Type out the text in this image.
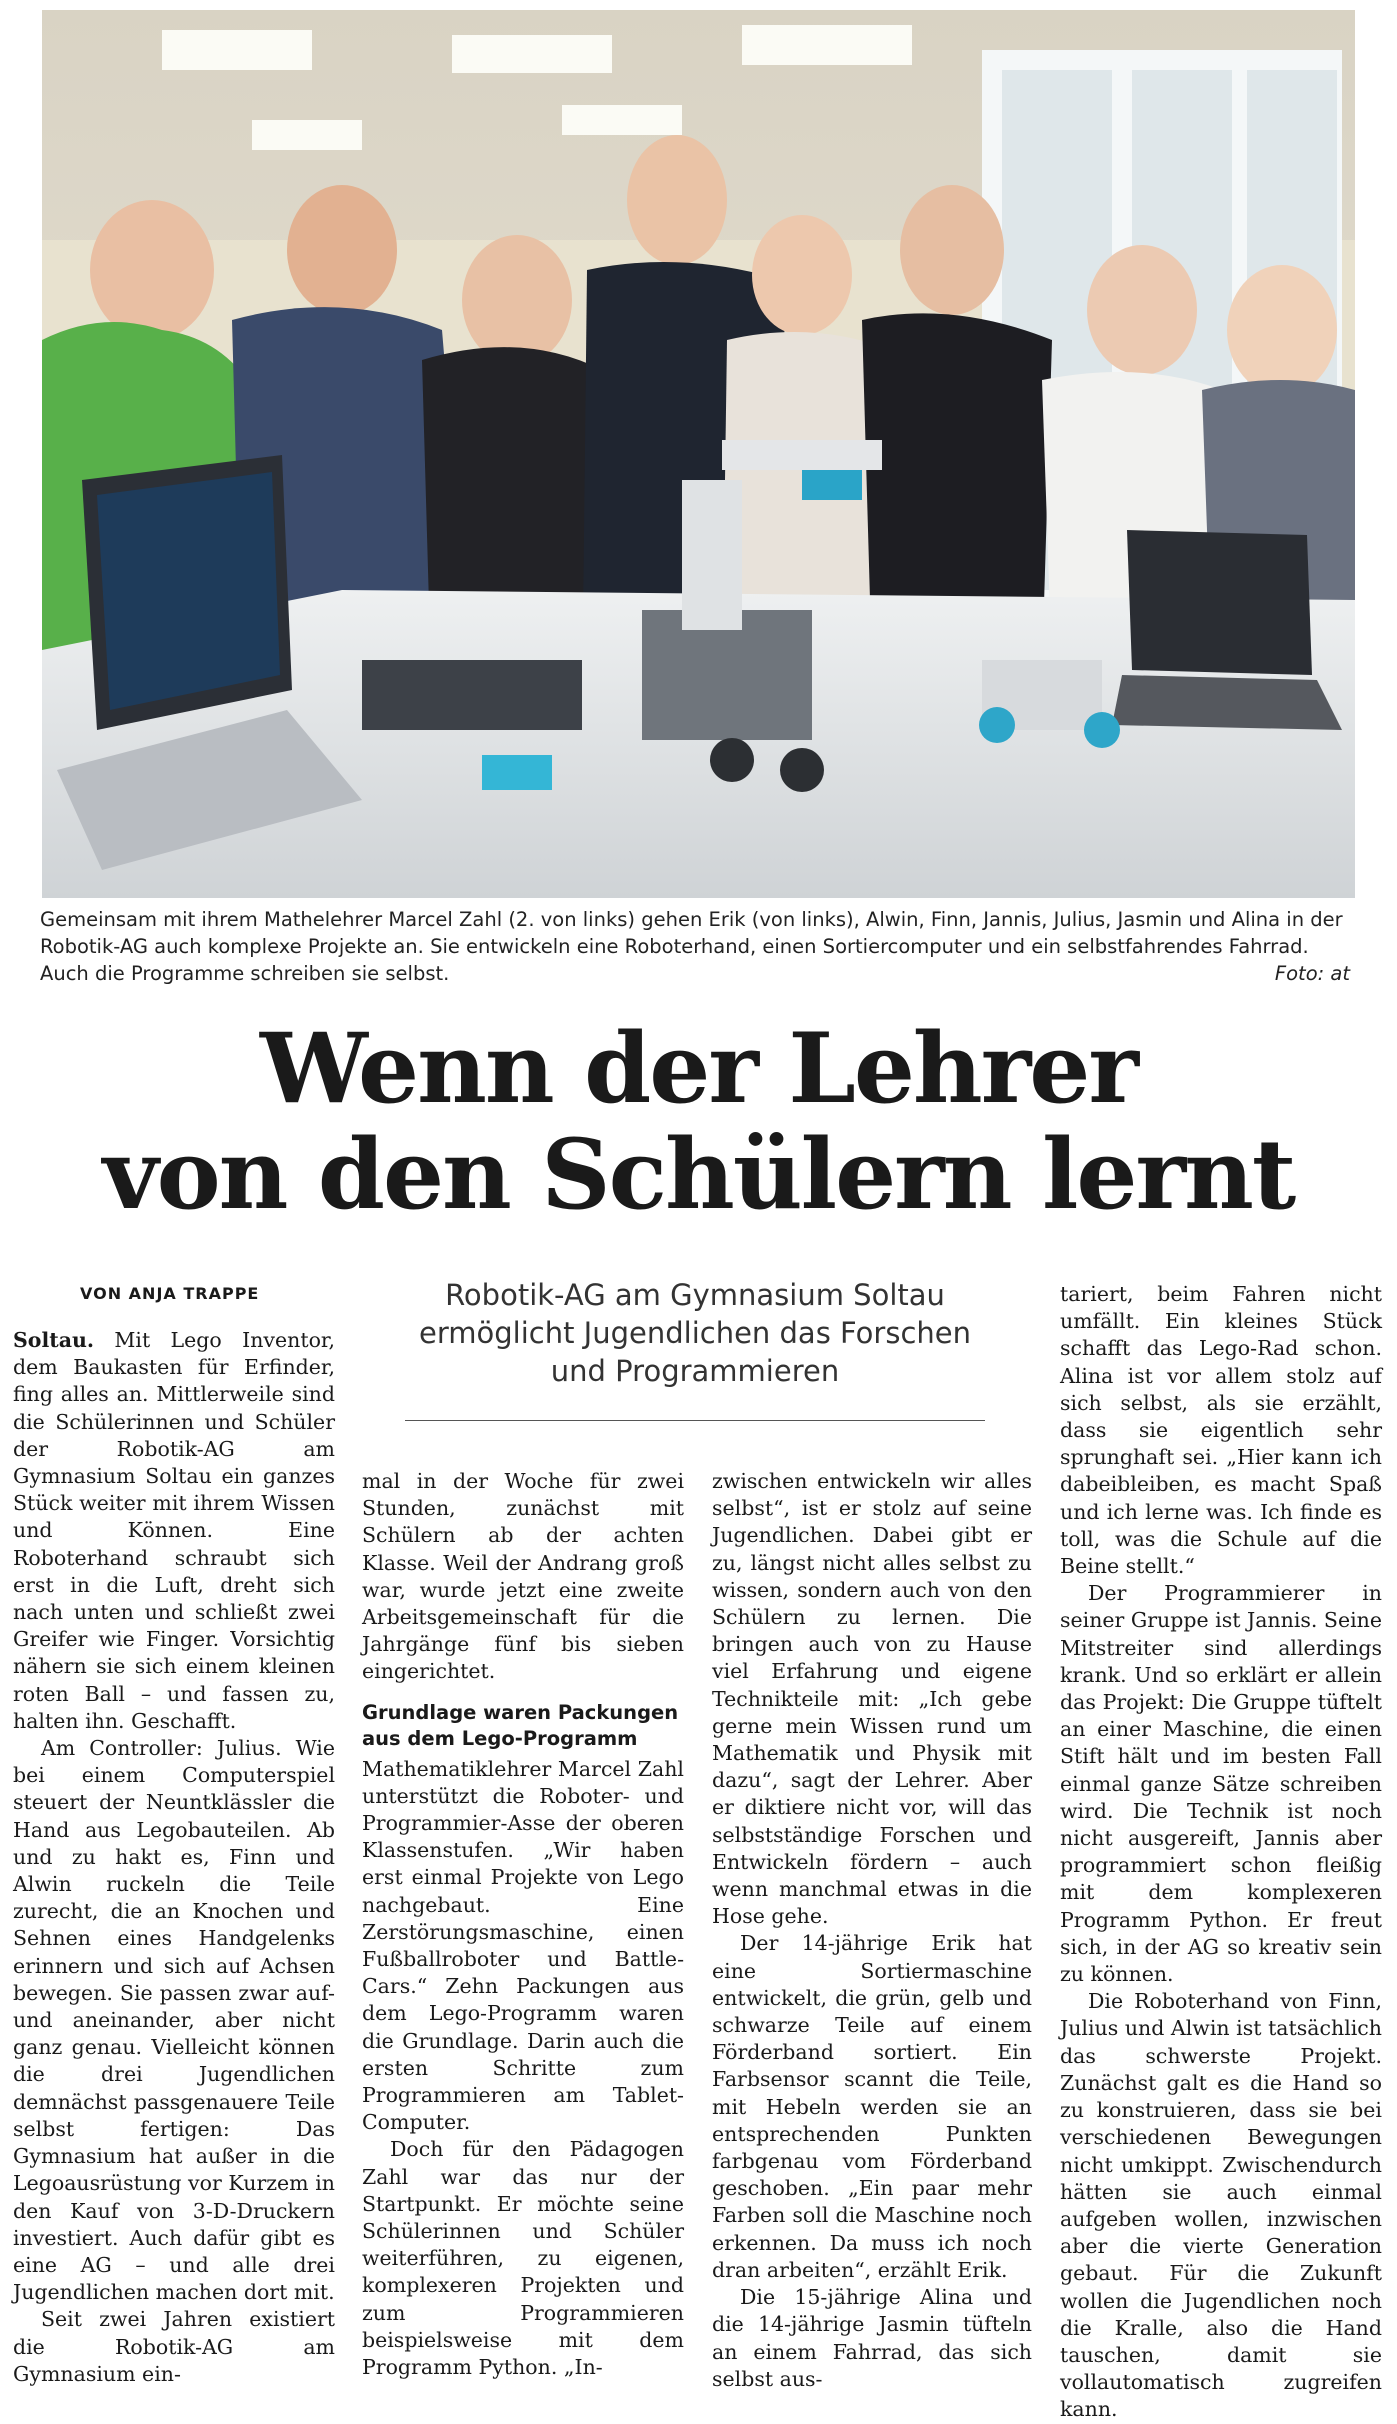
Gemeinsam mit ihrem Mathelehrer Marcel Zahl (2. von links) gehen Erik (von links), Alwin, Finn, Jannis, Julius, Jasmin und Alina in der Robotik-AG auch komplexe Projekte an. Sie entwickeln eine Roboterhand, einen Sortiercomputer und ein selbstfahrendes Fahrrad. Auch die Programme schreiben sie selbst.	Foto: at
Wenn der Lehrer
von den Schülern lernt
VON ANJA TRAPPE	Robotik-AG am Gymnasium Soltau ermöglicht Jugendlichen das Forschen und Programmieren

Soltau. Mit Lego Inventor, dem Baukasten für Erfinder, fing alles an. Mittlerweile sind die Schülerinnen und Schüler der Robotik-AG am Gymnasium Soltau ein ganzes Stück weiter mit ihrem Wissen und Können. Eine Roboterhand schraubt sich erst in die Luft, dreht sich nach unten und schließt zwei Greifer wie Finger. Vorsichtig nähern sie sich einem kleinen roten Ball – und fassen zu, halten ihn. Geschafft.

Am Controller: Julius. Wie bei einem Computerspiel steuert der Neuntklässler die Hand aus Legobauteilen. Ab und zu hakt es, Finn und Alwin ruckeln die Teile zurecht, die an Knochen und Sehnen eines Handgelenks erinnern und sich auf Achsen bewegen. Sie passen zwar auf- und aneinander, aber nicht ganz genau. Vielleicht können die drei Jugendlichen demnächst passgenauere Teile selbst fertigen: Das Gymnasium hat außer in die Legoausrüstung vor Kurzem in den Kauf von 3-D-Druckern investiert. Auch dafür gibt es eine AG – und alle drei Jugendlichen machen dort mit.

Seit zwei Jahren existiert die Robotik-AG am Gymnasium ein-

mal in der Woche für zwei Stunden, zunächst mit Schülern ab der achten Klasse. Weil der Andrang groß war, wurde jetzt eine zweite Arbeitsgemeinschaft für die Jahrgänge fünf bis sieben eingerichtet.

Grundlage waren Packungen aus dem Lego-Programm

Mathematiklehrer Marcel Zahl unterstützt die Roboter- und Programmier-Asse der oberen Klassenstufen. „Wir haben erst einmal Projekte von Lego nachgebaut. Eine Zerstörungsmaschine, einen Fußballroboter und Battle-Cars.“ Zehn Packungen aus dem Lego-Programm waren die Grundlage. Darin auch die ersten Schritte zum Programmieren am Tablet-Computer.

Doch für den Pädagogen Zahl war das nur der Startpunkt. Er möchte seine Schülerinnen und Schüler weiterführen, zu eigenen, komplexeren Projekten und zum Programmieren beispielsweise mit dem Programm Python. „In-

zwischen entwickeln wir alles selbst“, ist er stolz auf seine Jugendlichen. Dabei gibt er zu, längst nicht alles selbst zu wissen, sondern auch von den Schülern zu lernen. Die bringen auch von zu Hause viel Erfahrung und eigene Technikteile mit: „Ich gebe gerne mein Wissen rund um Mathematik und Physik mit dazu“, sagt der Lehrer. Aber er diktiere nicht vor, will das selbstständige Forschen und Entwickeln fördern – auch wenn manchmal etwas in die Hose gehe.

Der 14-jährige Erik hat eine Sortiermaschine entwickelt, die grün, gelb und schwarze Teile auf einem Förderband sortiert. Ein Farbsensor scannt die Teile, mit Hebeln werden sie an entsprechenden Punkten farbgenau vom Förderband geschoben. „Ein paar mehr Farben soll die Maschine noch erkennen. Da muss ich noch dran arbeiten“, erzählt Erik.

Die 15-jährige Alina und die 14-jährige Jasmin tüfteln an einem Fahrrad, das sich selbst aus-

tariert, beim Fahren nicht umfällt. Ein kleines Stück schafft das Lego-Rad schon. Alina ist vor allem stolz auf sich selbst, als sie erzählt, dass sie eigentlich sehr sprunghaft sei. „Hier kann ich dabeibleiben, es macht Spaß und ich lerne was. Ich finde es toll, was die Schule auf die Beine stellt.“

Der Programmierer in seiner Gruppe ist Jannis. Seine Mitstreiter sind allerdings krank. Und so erklärt er allein das Projekt: Die Gruppe tüftelt an einer Maschine, die einen Stift hält und im besten Fall einmal ganze Sätze schreiben wird. Die Technik ist noch nicht ausgereift, Jannis aber programmiert schon fleißig mit dem komplexeren Programm Python. Er freut sich, in der AG so kreativ sein zu können.

Die Roboterhand von Finn, Julius und Alwin ist tatsächlich das schwerste Projekt. Zunächst galt es die Hand so zu konstruieren, dass sie bei verschiedenen Bewegungen nicht umkippt. Zwischendurch hätten sie auch einmal aufgeben wollen, inzwischen aber die vierte Generation gebaut. Für die Zukunft wollen die Jugendlichen noch die Kralle, also die Hand tauschen, damit sie vollautomatisch zugreifen kann.
